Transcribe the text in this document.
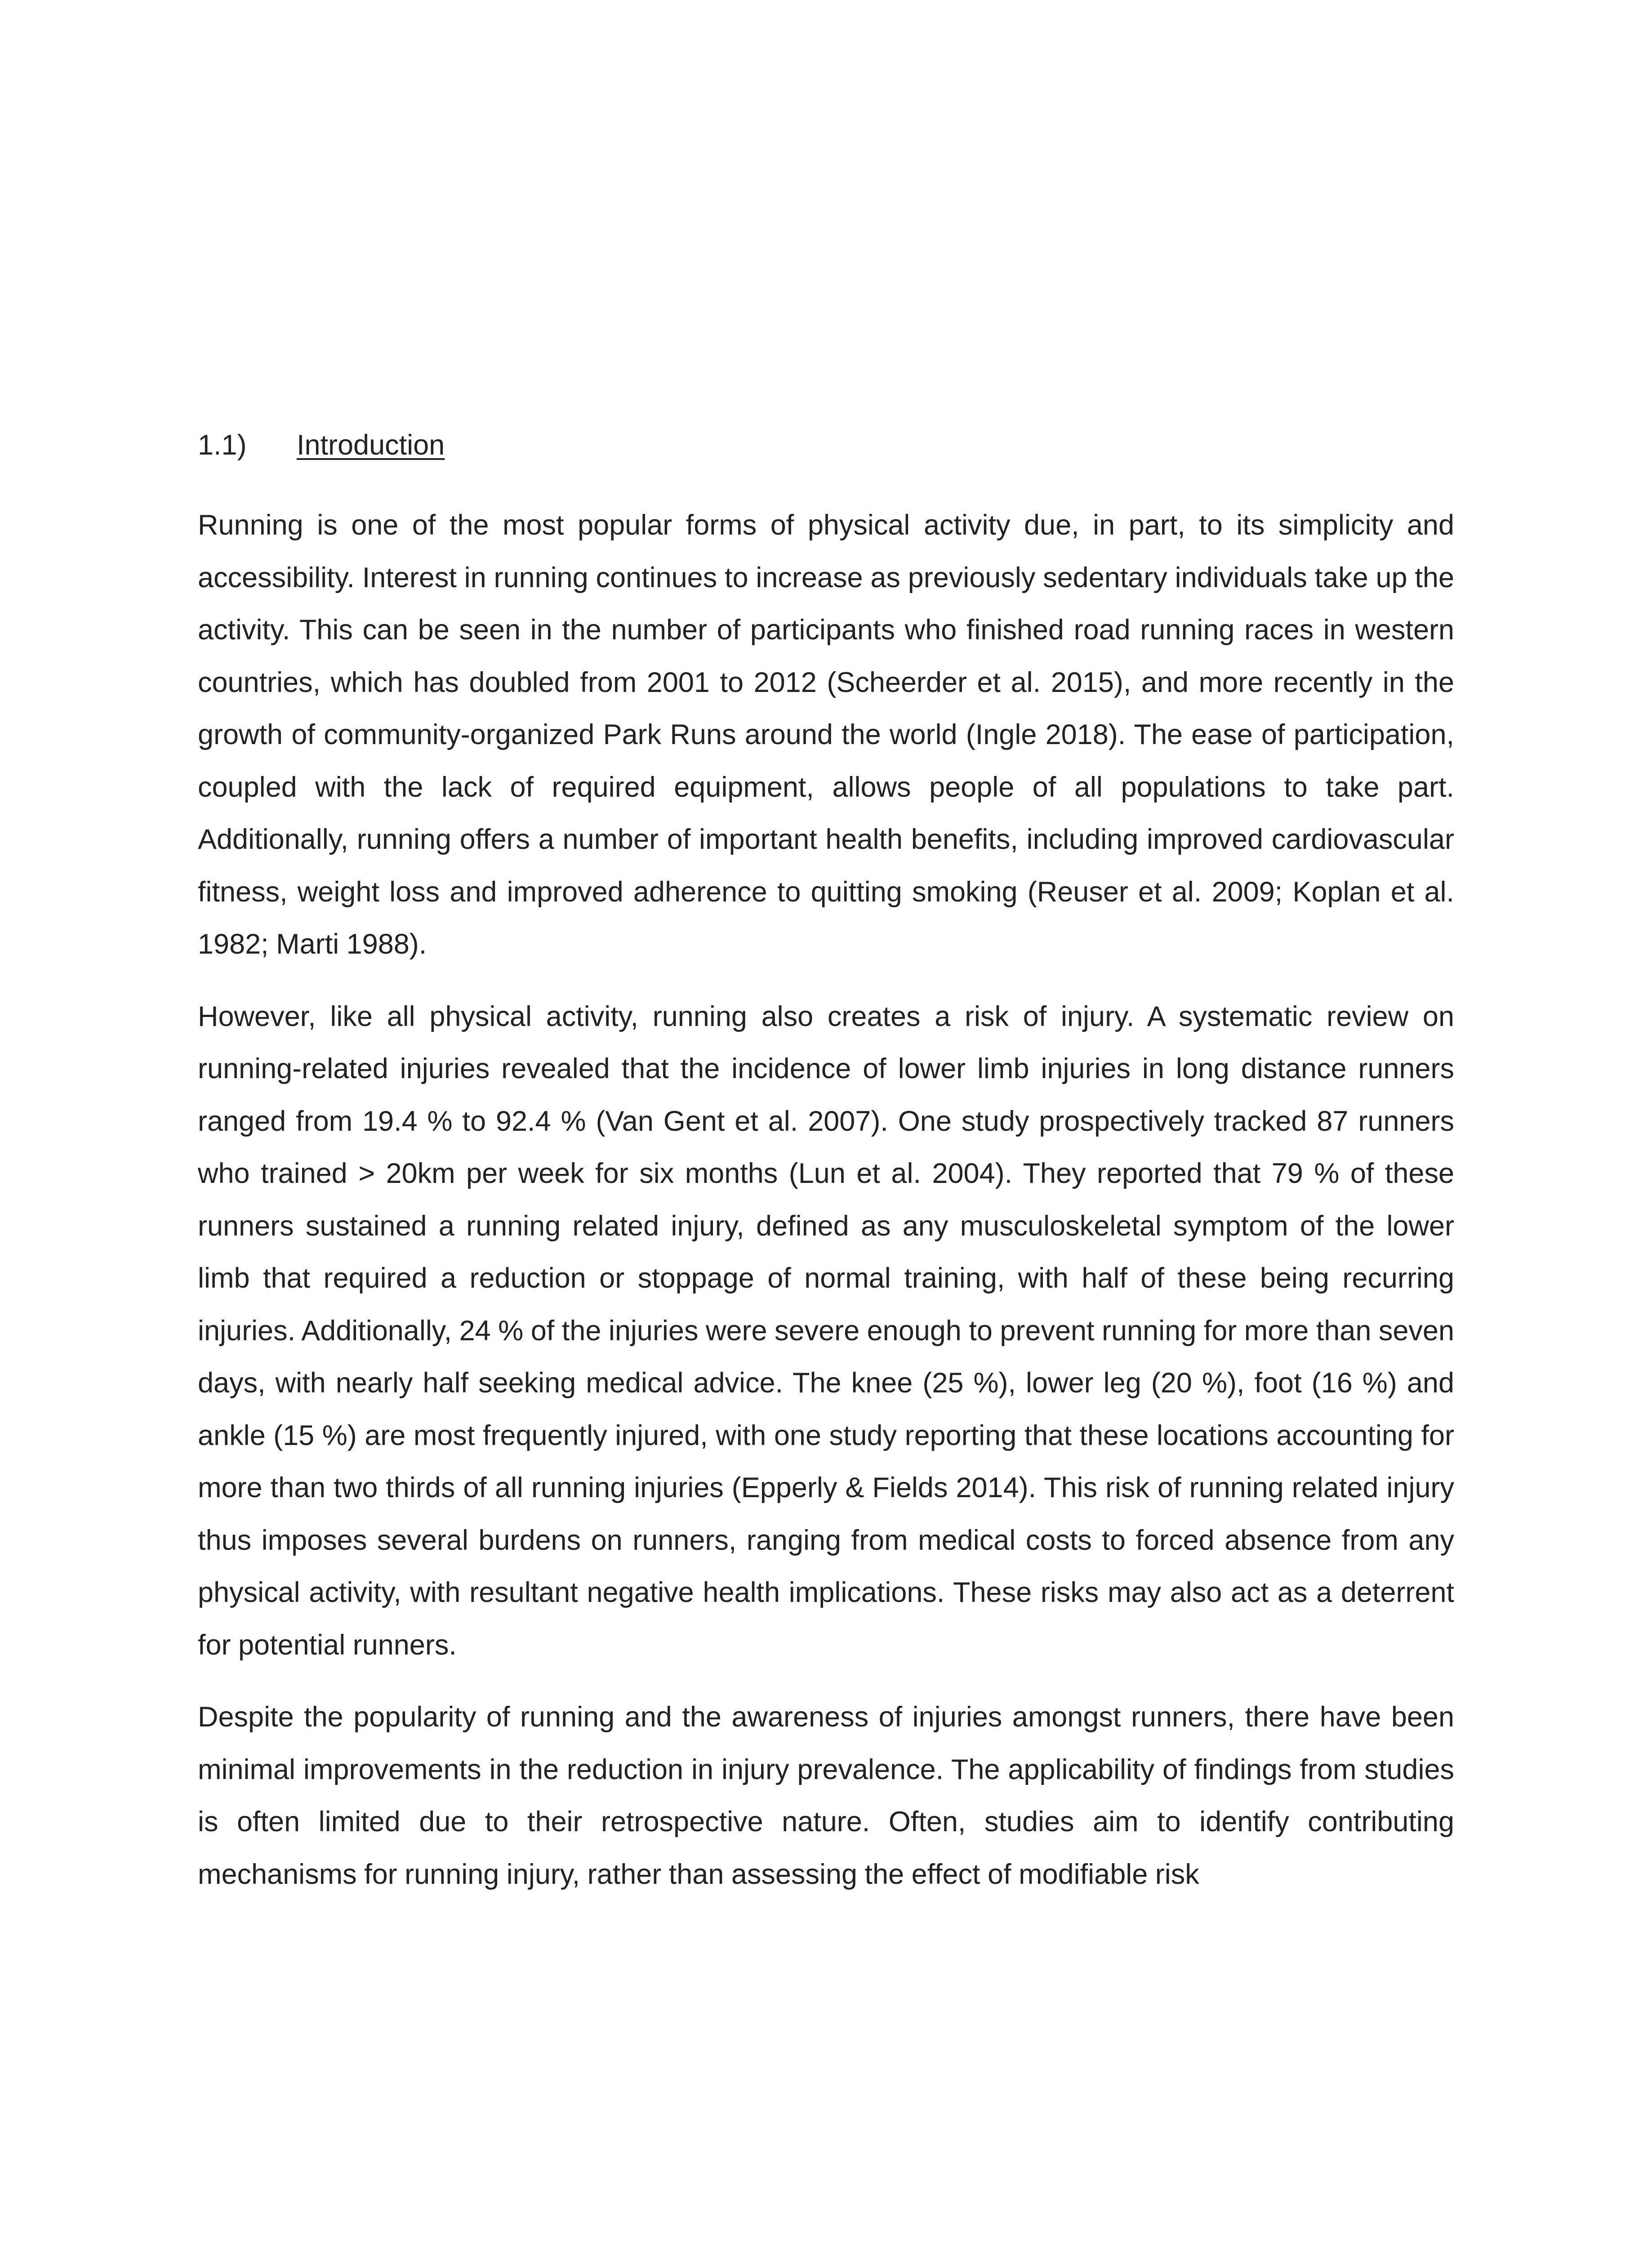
1.1) Introduction

Running is one of the most popular forms of physical activity due, in part, to its simplicity and accessibility. Interest in running continues to increase as previously sedentary individuals take up the activity. This can be seen in the number of participants who finished road running races in western countries, which has doubled from 2001 to 2012 (Scheerder et al. 2015), and more recently in the growth of community-organized Park Runs around the world (Ingle 2018). The ease of participation, coupled with the lack of required equipment, allows people of all populations to take part. Additionally, running offers a number of important health benefits, including improved cardiovascular fitness, weight loss and improved adherence to quitting smoking (Reuser et al. 2009; Koplan et al. 1982; Marti 1988).

However, like all physical activity, running also creates a risk of injury. A systematic review on running-related injuries revealed that the incidence of lower limb injuries in long distance runners ranged from 19.4 % to 92.4 % (Van Gent et al. 2007). One study prospectively tracked 87 runners who trained > 20km per week for six months (Lun et al. 2004). They reported that 79 % of these runners sustained a running related injury, defined as any musculoskeletal symptom of the lower limb that required a reduction or stoppage of normal training, with half of these being recurring injuries. Additionally, 24 % of the injuries were severe enough to prevent running for more than seven days, with nearly half seeking medical advice. The knee (25 %), lower leg (20 %), foot (16 %) and ankle (15 %) are most frequently injured, with one study reporting that these locations accounting for more than two thirds of all running injuries (Epperly & Fields 2014). This risk of running related injury thus imposes several burdens on runners, ranging from medical costs to forced absence from any physical activity, with resultant negative health implications. These risks may also act as a deterrent for potential runners.

Despite the popularity of running and the awareness of injuries amongst runners, there have been minimal improvements in the reduction in injury prevalence. The applicability of findings from studies is often limited due to their retrospective nature. Often, studies aim to identify contributing mechanisms for running injury, rather than assessing the effect of modifiable risk
